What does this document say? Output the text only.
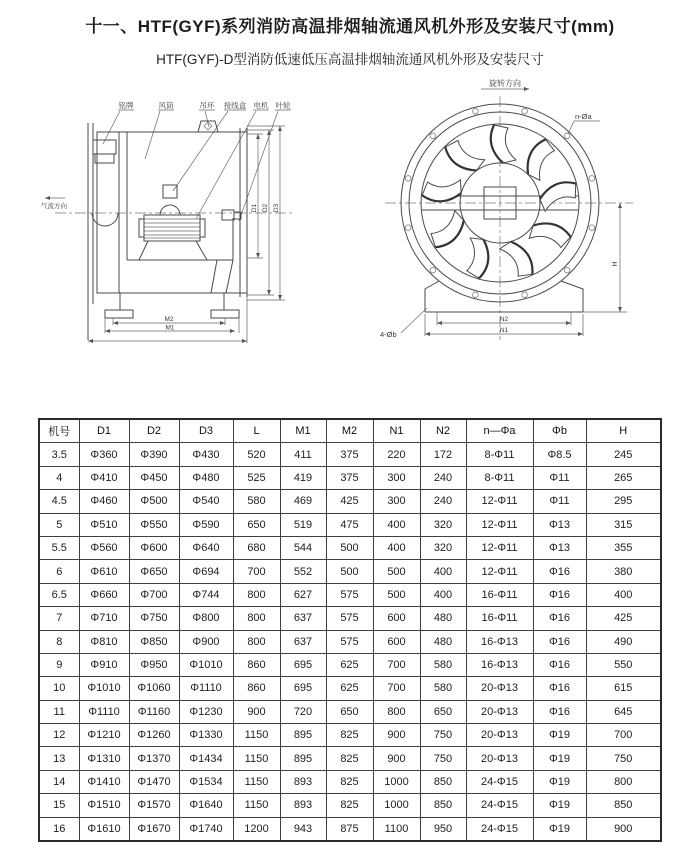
十一、HTF(GYF)系列消防高温排烟轴流通风机外形及安装尺寸(mm)
HTF(GYF)-D型消防低速低压高温排烟轴流通风机外形及安装尺寸
铭牌	风筒	吊环 接线盒 电机 叶轮
气流方向
M2
M1
D1 D2 D3
旋转方向
n-Øa
4-Øb
H
N2
N1
机号	D1	D2	D3	L	M1	M2	N1	N2	n—Φa	Φb	H
3.5	Φ360	Φ390	Φ430	520	411	375	220	172	8-Φ11	Φ8.5	245
4	Φ410	Φ450	Φ480	525	419	375	300	240	8-Φ11	Φ11	265
4.5	Φ460	Φ500	Φ540	580	469	425	300	240	12-Φ11	Φ11	295
5	Φ510	Φ550	Φ590	650	519	475	400	320	12-Φ11	Φ13	315
5.5	Φ560	Φ600	Φ640	680	544	500	400	320	12-Φ11	Φ13	355
6	Φ610	Φ650	Φ694	700	552	500	500	400	12-Φ11	Φ16	380
6.5	Φ660	Φ700	Φ744	800	627	575	500	400	16-Φ11	Φ16	400
7	Φ710	Φ750	Φ800	800	637	575	600	480	16-Φ11	Φ16	425
8	Φ810	Φ850	Φ900	800	637	575	600	480	16-Φ13	Φ16	490
9	Φ910	Φ950	Φ1010	860	695	625	700	580	16-Φ13	Φ16	550
10	Φ1010	Φ1060	Φ1110	860	695	625	700	580	20-Φ13	Φ16	615
11	Φ1110	Φ1160	Φ1230	900	720	650	800	650	20-Φ13	Φ16	645
12	Φ1210	Φ1260	Φ1330	1150	895	825	900	750	20-Φ13	Φ19	700
13	Φ1310	Φ1370	Φ1434	1150	895	825	900	750	20-Φ13	Φ19	750
14	Φ1410	Φ1470	Φ1534	1150	893	825	1000	850	24-Φ15	Φ19	800
15	Φ1510	Φ1570	Φ1640	1150	893	825	1000	850	24-Φ15	Φ19	850
16	Φ1610	Φ1670	Φ1740	1200	943	875	1100	950	24-Φ15	Φ19	900
